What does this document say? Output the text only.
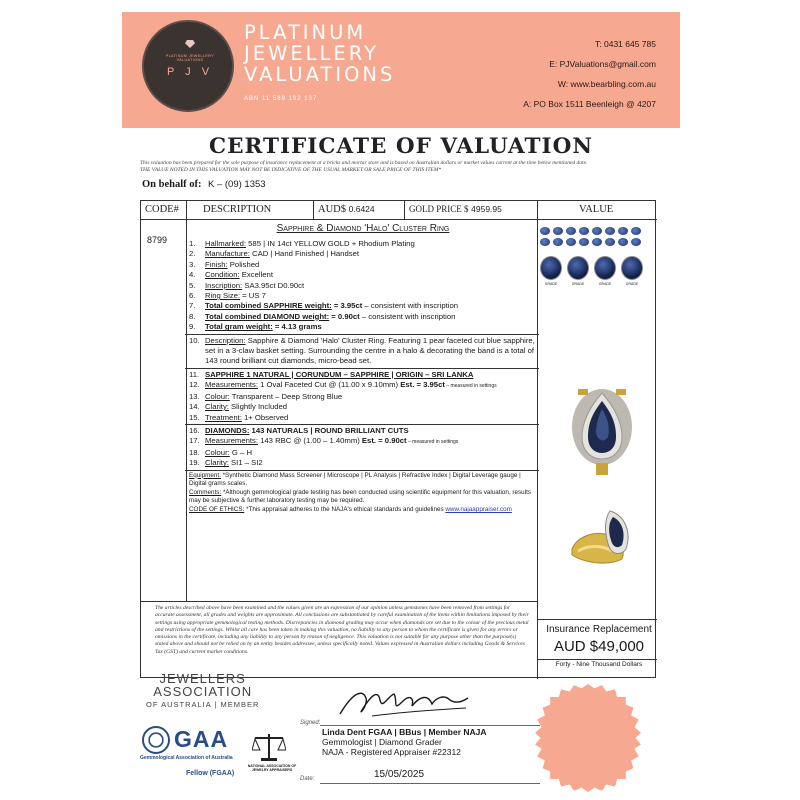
PLATINUM JEWELLERY VALUATIONS
P J V
PLATINUM
JEWELLERY
VALUATIONS
ABN 11 589 192 137
T: 0431 645 785
E: PJValuations@gmail.com
W: www.bearbling.com.au
A: PO Box 1511 Beenleigh @ 4207
CERTIFICATE OF VALUATION
This valuation has been prepared for the sole purpose of insurance replacement at a bricks and mortar store and is based on Australian dollars or market values current at the time below mentioned date.
THE VALUE NOTED IN THIS VALUATION MAY NOT BE INDICATIVE OF THE USUAL MARKET OR SALE PRICE OF THIS ITEM*
On behalf of: K – (09) 1353
CODE# DESCRIPTION	AUD$ 0.6424	GOLD PRICE $ 4959.95	VALUE
8799
Sapphire & Diamond 'Halo' Cluster Ring
1.	Hallmarked: 585 | IN 14ct YELLOW GOLD + Rhodium Plating
2.	Manufacture: CAD | Hand Finished | Handset
3.	Finish: Polished
4.	Condition: Excellent
5.	Inscription: SA3.95ct D0.90ct
6.	Ring Size: = US 7
7.	Total combined SAPPHIRE weight: = 3.95ct – consistent with inscription
8.	Total combined DIAMOND weight: = 0.90ct – consistent with inscription
9.	Total gram weight: = 4.13 grams
10. Description: Sapphire & Diamond 'Halo' Cluster Ring. Featuring 1 pear faceted cut blue sapphire, set in a 3-claw basket setting. Surrounding the centre in a halo & decorating the band is a total of 143 round brilliant cut diamonds, micro-bead set.
11. SAPPHIRE 1 NATURAL | CORUNDUM – SAPPHIRE | ORIGIN – SRI LANKA
12. Measurements: 1 Oval Faceted Cut @ (11.00 x 9.10mm) Est. = 3.95ct – measured in settings
13. Colour: Transparent – Deep Strong Blue
14. Clarity: Slightly Included
15. Treatment: 1+ Observed
16. DIAMONDS: 143 NATURALS | ROUND BRILLIANT CUTS
17. Measurements: 143 RBC @ (1.00 – 1.40mm) Est. = 0.90ct – measured in settings
18. Colour: G – H
19. Clarity: SI1 – SI2
Equipment: *Synthetic Diamond Mass Screener | Microscope | PL Analysis | Refractive Index | Digital Leverage gauge | Digital grams scales.
Comments: *Although gemmological grade testing has been conducted using scientific equipment for this valuation, results may be subjective & further laboratory testing may be required.
CODE OF ETHICS: *This appraisal adheres to the NAJA's ethical standards and guidelines www.najaappraiser.com
GRADE	GRADE	GRADE	GRADE
The articles described above have been examined and the values given are an expression of our opinion unless gemstones have been removed from settings for accurate assessment, all grades and weights are approximate. All conclusions are substantiated by careful examination of the items within limitations imposed by their settings using appropriate gemmological testing methods. Discrepancies in diamond grading may occur when diamonds are set due to the colour of the precious metal and restrictions of the settings. Whilst all care has been taken in making this valuation, no liability to any person to whom the certificate is given for any errors or omissions in the certificate, including any liability to any person by reason of negligence. This valuation is not suitable for any purpose other than the purpose(s) stated above and should not be relied on by an entity besides addressee, unless specifically noted. Values expressed in Australian dollars including Goods & Services Tax (GST) and current market conditions.
Insurance Replacement
AUD $49,000
Forty - Nine Thousand Dollars
JEWELLERS
ASSOCIATION
OF AUSTRALIA | MEMBER
GAA
Gemmological Association of Australia
Fellow (FGAA)
NATIONAL ASSOCIATION OF JEWELRY APPRAISERS
Signed:
Linda Dent FGAA | BBus | Member NAJA
Gemmologist | Diamond Grader
NAJA - Registered Appraiser #22312
15/05/2025
Date:
